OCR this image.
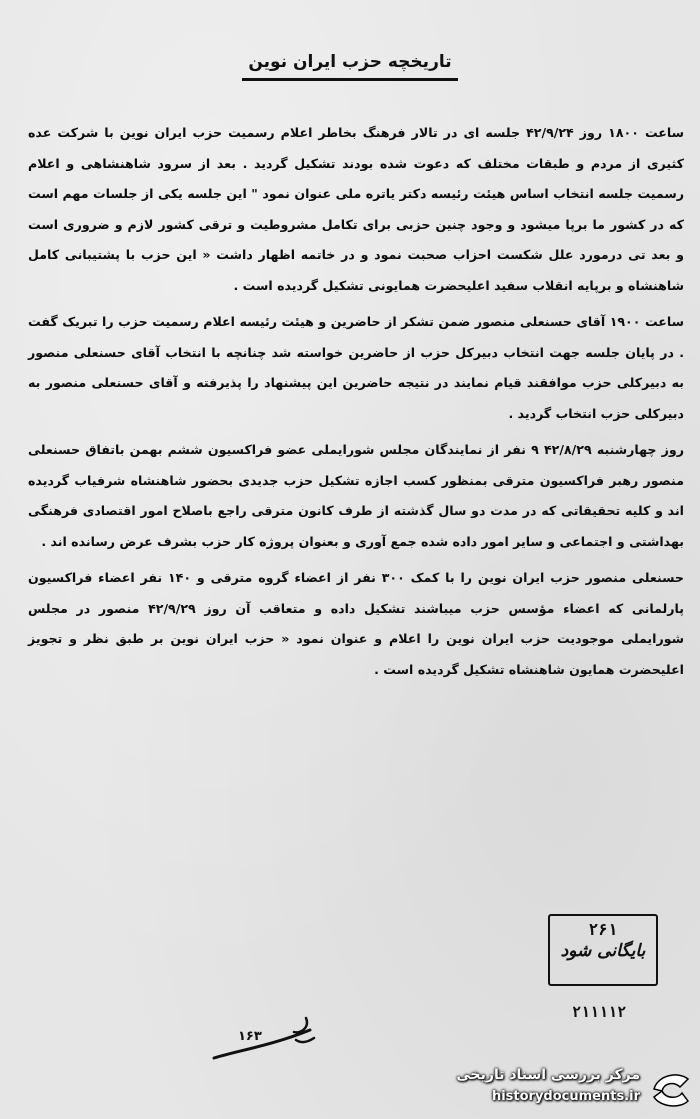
تاریخچه حزب ایران نوین

ساعت ۱۸۰۰ روز ۴۲/۹/۲۴ جلسه ای در تالار فرهنگ بخاطر اعلام رسمیت حزب ایران نوین با شرکت عده کثیری از مردم و طبقات مختلف که دعوت شده بودند تشکیل گردید . بعد از سرود شاهنشاهی و اعلام رسمیت جلسه انتخاب اساس هیئت رئیسه دکتر یاتره ملی عنوان نمود " این جلسه یکی از جلسات مهم است که در کشور ما برپا میشود و وجود چنین حزبی برای تکامل مشروطیت و ترقی کشور لازم و ضروری است و بعد تی درمورد علل شکست احزاب صحبت نمود و در خاتمه اظهار داشت « این حزب با پشتیبانی کامل شاهنشاه و برپایه انقلاب سفید اعلیحضرت همایونی تشکیل گردیده است .

ساعت ۱۹۰۰ آقای حسنعلی منصور ضمن تشکر از حاضرین و هیئت رئیسه اعلام رسمیت حزب را تبریک گفت . در پایان جلسه جهت انتخاب دبیرکل حزب از حاضرین خواسته شد چنانچه با انتخاب آقای حسنعلی منصور به دبیرکلی حزب موافقند قیام نمایند در نتیجه حاضرین این پیشنهاد را پذیرفته و آقای حسنعلی منصور به دبیرکلی حزب انتخاب گردید .

روز چهارشنبه ۴۲/۸/۲۹ ۹ نفر از نمایندگان مجلس شورایملی عضو فراکسیون ششم بهمن باتفاق حسنعلی منصور رهبر فراکسیون مترقی بمنظور کسب اجازه تشکیل حزب جدیدی بحضور شاهنشاه شرفیاب گردیده اند و کلیه تحقیقاتی که در مدت دو سال گذشته از طرف کانون مترقی راجع باصلاح امور اقتصادی فرهنگی بهداشتی و اجتماعی و سایر امور داده شده جمع آوری و بعنوان پروژه کار حزب بشرف عرض رسانده اند .

حسنعلی منصور حزب ایران نوین را با کمک ۳۰۰ نفر از اعضاء گروه مترقی و ۱۴۰ نفر اعضاء فراکسیون پارلمانی که اعضاء مؤسس حزب میباشند تشکیل داده و متعاقب آن روز ۴۲/۹/۲۹ منصور در مجلس شورایملی موجودیت حزب ایران نوین را اعلام و عنوان نمود « حزب ایران نوین بر طبق نظر و تجویز اعلیحضرت همایون شاهنشاه تشکیل گردیده است .

۲۶۱
بایگانی شود
۲۱۱۱۱۲
۱۶۳
مرکز بررسی اسناد تاریخی
historydocuments.ir
